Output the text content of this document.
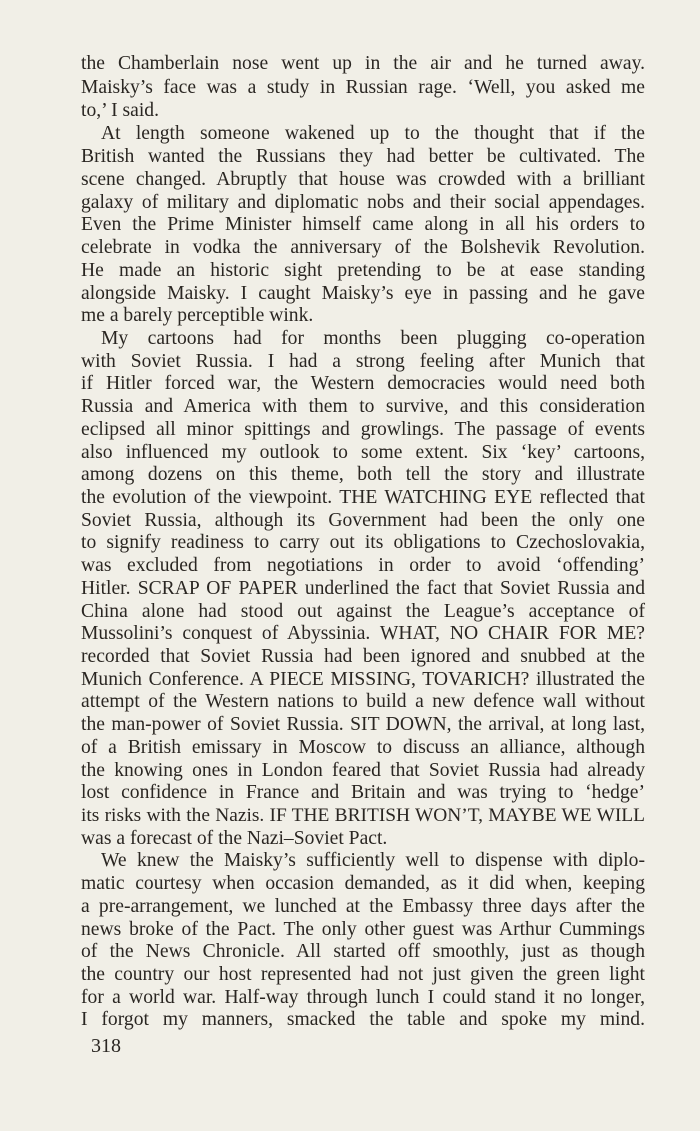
the Chamberlain nose went up in the air and he turned away.
Maisky’s face was a study in Russian rage. ‘Well, you asked me
to,’ I said.
At length someone wakened up to the thought that if the
British wanted the Russians they had better be cultivated. The
scene changed. Abruptly that house was crowded with a brilliant
galaxy of military and diplomatic nobs and their social appendages.
Even the Prime Minister himself came along in all his orders to
celebrate in vodka the anniversary of the Bolshevik Revolution.
He made an historic sight pretending to be at ease standing
alongside Maisky. I caught Maisky’s eye in passing and he gave
me a barely perceptible wink.
My cartoons had for months been plugging co-operation
with Soviet Russia. I had a strong feeling after Munich that
if Hitler forced war, the Western democracies would need both
Russia and America with them to survive, and this consideration
eclipsed all minor spittings and growlings. The passage of events
also influenced my outlook to some extent. Six ‘key’ cartoons,
among dozens on this theme, both tell the story and illustrate
the evolution of the viewpoint. THE WATCHING EYE reflected that
Soviet Russia, although its Government had been the only one
to signify readiness to carry out its obligations to Czechoslovakia,
was excluded from negotiations in order to avoid ‘offending’
Hitler. SCRAP OF PAPER underlined the fact that Soviet Russia and
China alone had stood out against the League’s acceptance of
Mussolini’s conquest of Abyssinia. WHAT, NO CHAIR FOR ME?
recorded that Soviet Russia had been ignored and snubbed at the
Munich Conference. A PIECE MISSING, TOVARICH? illustrated the
attempt of the Western nations to build a new defence wall without
the man-power of Soviet Russia. SIT DOWN, the arrival, at long last,
of a British emissary in Moscow to discuss an alliance, although
the knowing ones in London feared that Soviet Russia had already
lost confidence in France and Britain and was trying to ‘hedge’
its risks with the Nazis. IF THE BRITISH WON’T, MAYBE WE WILL
was a forecast of the Nazi–Soviet Pact.
We knew the Maisky’s sufficiently well to dispense with diplo-
matic courtesy when occasion demanded, as it did when, keeping
a pre-arrangement, we lunched at the Embassy three days after the
news broke of the Pact. The only other guest was Arthur Cummings
of the News Chronicle. All started off smoothly, just as though
the country our host represented had not just given the green light
for a world war. Half-way through lunch I could stand it no longer,
I forgot my manners, smacked the table and spoke my mind.
318
